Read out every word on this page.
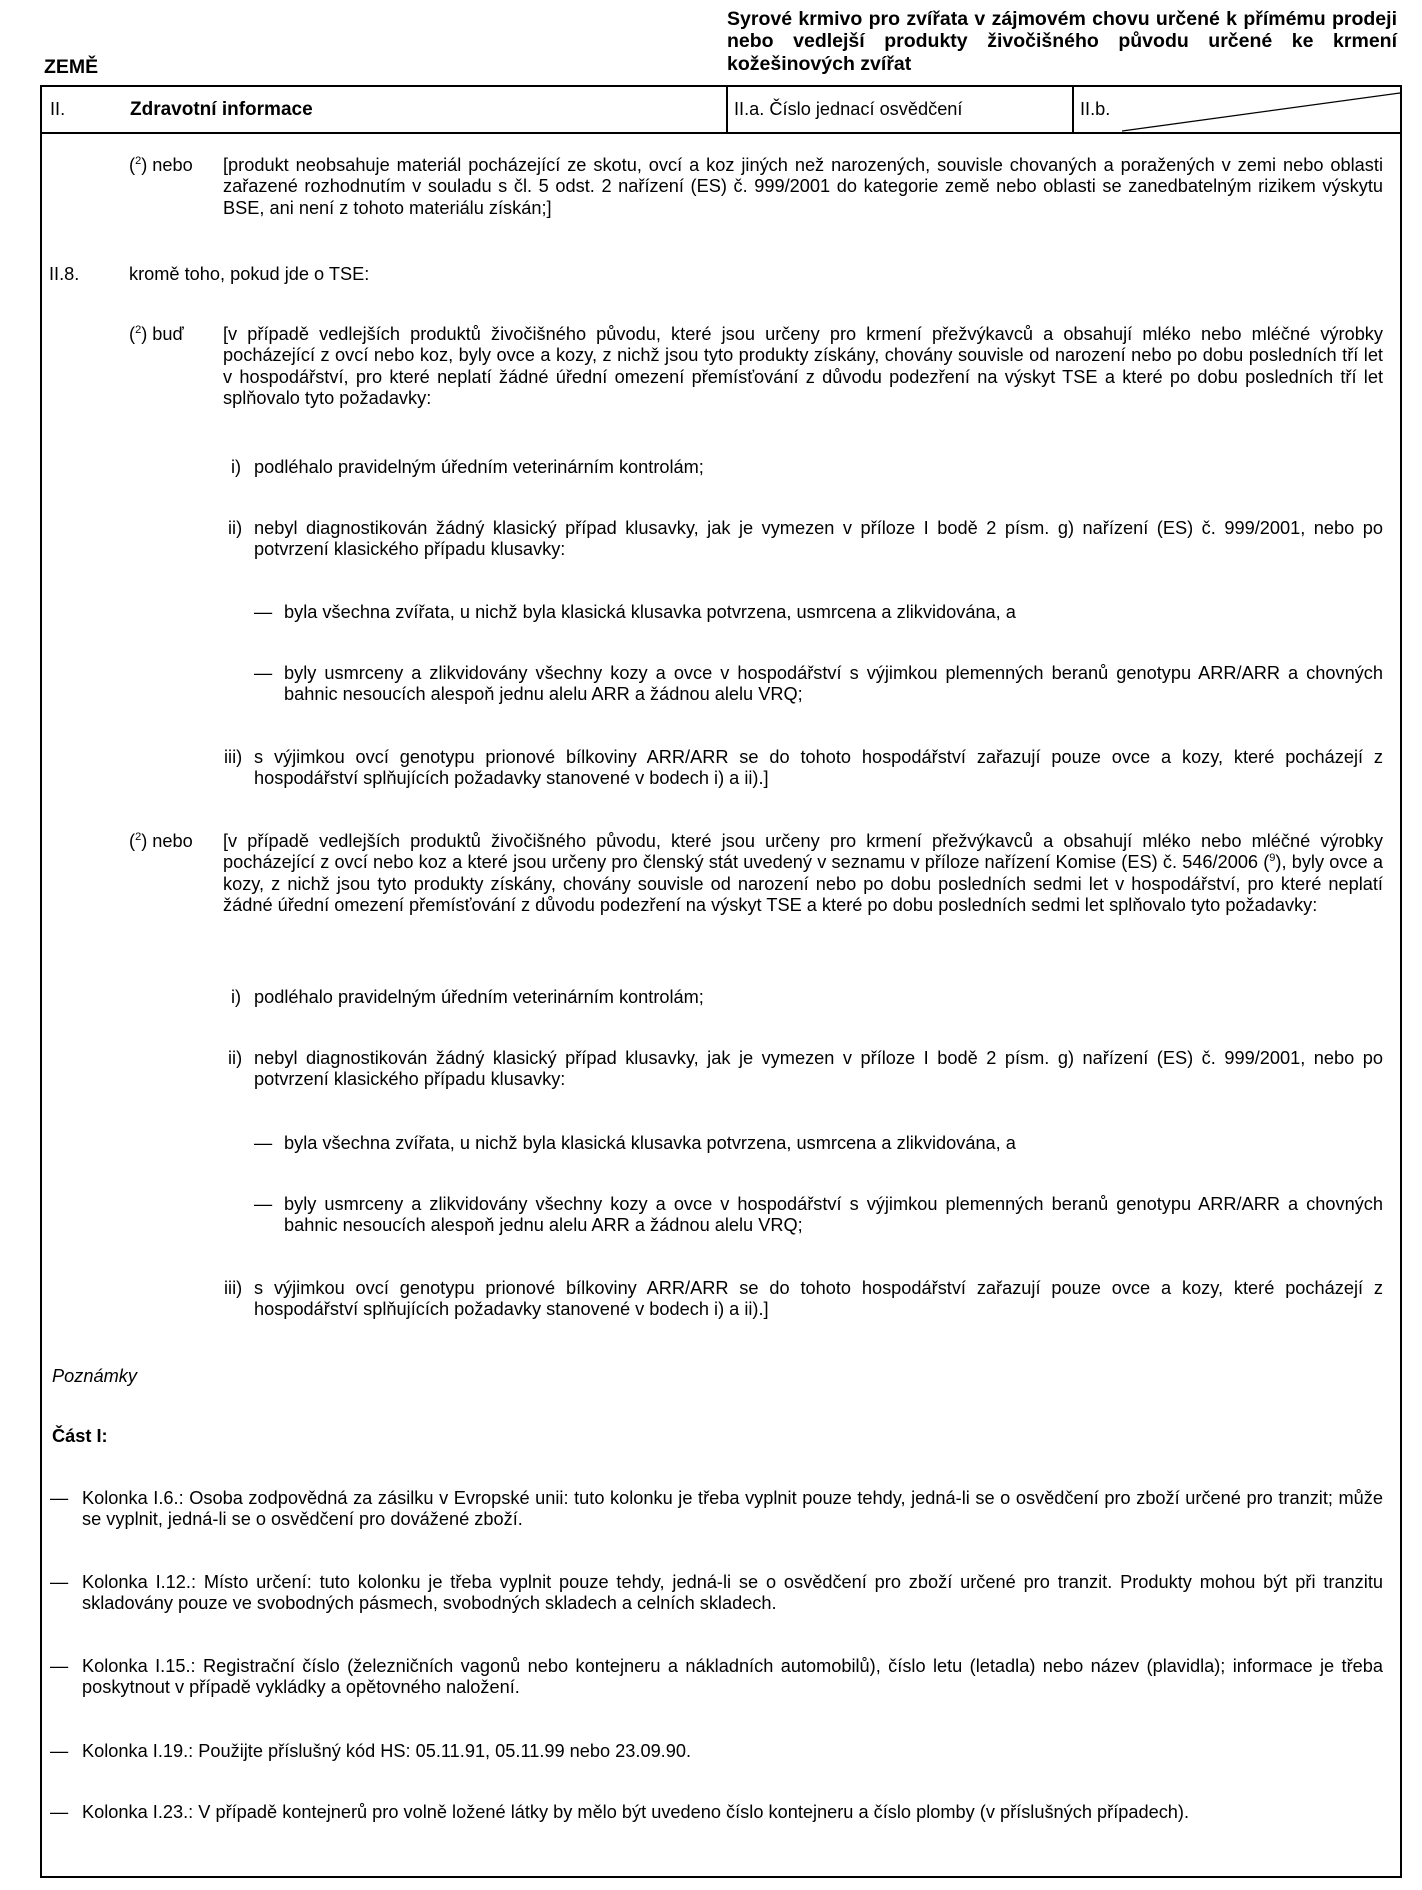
Syrové krmivo pro zvířata v zájmovém chovu určené k přímému prodeji nebo vedlejší produkty živočišného původu určené ke krmení kožešinových zvířat
ZEMĚ
II.	Zdravotní informace	II.a. Číslo jednací osvědčení	II.b.
($^2$) nebo [produkt neobsahuje materiál pocházející ze skotu, ovcí a koz jiných než narozených, souvisle chovaných a poražených v zemi nebo oblasti zařazené rozhodnutím v souladu s čl. 5 odst. 2 nařízení (ES) č. 999/2001 do kategorie země nebo oblasti se zanedbatelným rizikem výskytu BSE, ani není z tohoto materiálu získán;]
II.8.	kromě toho, pokud jde o TSE:
($^2$) buď [v případě vedlejších produktů živočišného původu, které jsou určeny pro krmení přežvýkavců a obsahují mléko nebo mléčné výrobky pocházející z ovcí nebo koz, byly ovce a kozy, z nichž jsou tyto produkty získány, chovány souvisle od narození nebo po dobu posledních tří let v hospodářství, pro které neplatí žádné úřední omezení přemísťování z důvodu podezření na výskyt TSE a které po dobu posledních tří let splňovalo tyto požadavky:
i) podléhalo pravidelným úředním veterinárním kontrolám;
ii) nebyl diagnostikován žádný klasický případ klusavky, jak je vymezen v příloze I bodě 2 písm. g) nařízení (ES) č. 999/2001, nebo po potvrzení klasického případu klusavky:
— byla všechna zvířata, u nichž byla klasická klusavka potvrzena, usmrcena a zlikvidována, a
— byly usmrceny a zlikvidovány všechny kozy a ovce v hospodářství s výjimkou plemenných beranů genotypu ARR/ARR a chovných bahnic nesoucích alespoň jednu alelu ARR a žádnou alelu VRQ;
iii) s výjimkou ovcí genotypu prionové bílkoviny ARR/ARR se do tohoto hospodářství zařazují pouze ovce a kozy, které pocházejí z hospodářství splňujících požadavky stanovené v bodech i) a ii).]
($^2$) nebo [v případě vedlejších produktů živočišného původu, které jsou určeny pro krmení přežvýkavců a obsahují mléko nebo mléčné výrobky pocházející z ovcí nebo koz a které jsou určeny pro členský stát uvedený v seznamu v příloze nařízení Komise (ES) č. 546/2006 ($^9$), byly ovce a kozy, z nichž jsou tyto produkty získány, chovány souvisle od narození nebo po dobu posledních sedmi let v hospodářství, pro které neplatí žádné úřední omezení přemísťování z důvodu podezření na výskyt TSE a které po dobu posledních sedmi let splňovalo tyto požadavky:
i) podléhalo pravidelným úředním veterinárním kontrolám;
ii) nebyl diagnostikován žádný klasický případ klusavky, jak je vymezen v příloze I bodě 2 písm. g) nařízení (ES) č. 999/2001, nebo po potvrzení klasického případu klusavky:
— byla všechna zvířata, u nichž byla klasická klusavka potvrzena, usmrcena a zlikvidována, a
— byly usmrceny a zlikvidovány všechny kozy a ovce v hospodářství s výjimkou plemenných beranů genotypu ARR/ARR a chovných bahnic nesoucích alespoň jednu alelu ARR a žádnou alelu VRQ;
iii) s výjimkou ovcí genotypu prionové bílkoviny ARR/ARR se do tohoto hospodářství zařazují pouze ovce a kozy, které pocházejí z hospodářství splňujících požadavky stanovené v bodech i) a ii).]
Poznámky
Část I:
— Kolonka I.6.: Osoba zodpovědná za zásilku v Evropské unii: tuto kolonku je třeba vyplnit pouze tehdy, jedná-li se o osvědčení pro zboží určené pro tranzit; může se vyplnit, jedná-li se o osvědčení pro dovážené zboží.
— Kolonka I.12.: Místo určení: tuto kolonku je třeba vyplnit pouze tehdy, jedná-li se o osvědčení pro zboží určené pro tranzit. Produkty mohou být při tranzitu skladovány pouze ve svobodných pásmech, svobodných skladech a celních skladech.
— Kolonka I.15.: Registrační číslo (železničních vagonů nebo kontejneru a nákladních automobilů), číslo letu (letadla) nebo název (plavidla); informace je třeba poskytnout v případě vykládky a opětovného naložení.
— Kolonka I.19.: Použijte příslušný kód HS: 05.11.91, 05.11.99 nebo 23.09.90.
— Kolonka I.23.: V případě kontejnerů pro volně ložené látky by mělo být uvedeno číslo kontejneru a číslo plomby (v příslušných případech).
